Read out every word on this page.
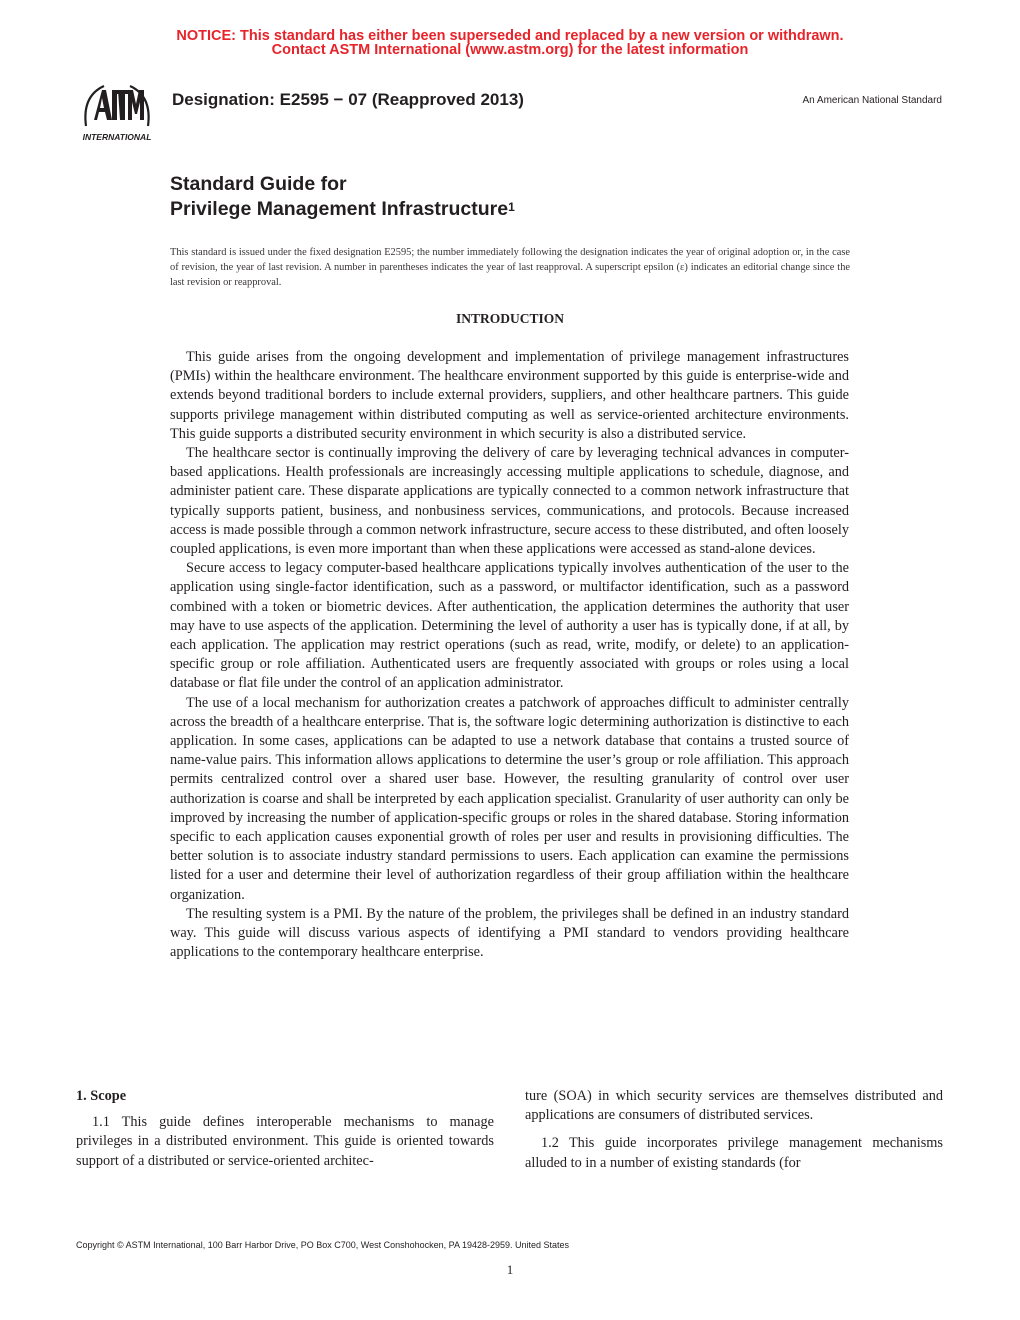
NOTICE: This standard has either been superseded and replaced by a new version or withdrawn.
Contact ASTM International (www.astm.org) for the latest information
INTERNATIONAL
Designation: E2595 − 07 (Reapproved 2013)	An American National Standard
Standard Guide for
Privilege Management Infrastructure$^1$
This standard is issued under the fixed designation E2595; the number immediately following the designation indicates the year of original adoption or, in the case of revision, the year of last revision. A number in parentheses indicates the year of last reapproval. A superscript epsilon (ε) indicates an editorial change since the last revision or reapproval.
INTRODUCTION

This guide arises from the ongoing development and implementation of privilege management infrastructures (PMIs) within the healthcare environment. The healthcare environment supported by this guide is enterprise-wide and extends beyond traditional borders to include external providers, suppliers, and other healthcare partners. This guide supports privilege management within distributed computing as well as service-oriented architecture environments. This guide supports a distributed security environment in which security is also a distributed service.

The healthcare sector is continually improving the delivery of care by leveraging technical advances in computer-based applications. Health professionals are increasingly accessing multiple applications to schedule, diagnose, and administer patient care. These disparate applications are typically connected to a common network infrastructure that typically supports patient, business, and nonbusiness services, communications, and protocols. Because increased access is made possible through a common network infrastructure, secure access to these distributed, and often loosely coupled applications, is even more important than when these applications were accessed as stand-alone devices.

Secure access to legacy computer-based healthcare applications typically involves authentication of the user to the application using single-factor identification, such as a password, or multifactor identification, such as a password combined with a token or biometric devices. After authentication, the application determines the authority that user may have to use aspects of the application. Determining the level of authority a user has is typically done, if at all, by each application. The application may restrict operations (such as read, write, modify, or delete) to an application-specific group or role affiliation. Authenticated users are frequently associated with groups or roles using a local database or flat file under the control of an application administrator.

The use of a local mechanism for authorization creates a patchwork of approaches difficult to administer centrally across the breadth of a healthcare enterprise. That is, the software logic determining authorization is distinctive to each application. In some cases, applications can be adapted to use a network database that contains a trusted source of name-value pairs. This information allows applications to determine the user’s group or role affiliation. This approach permits centralized control over a shared user base. However, the resulting granularity of control over user authorization is coarse and shall be interpreted by each application specialist. Granularity of user authority can only be improved by increasing the number of application-specific groups or roles in the shared database. Storing information specific to each application causes exponential growth of roles per user and results in provisioning difficulties. The better solution is to associate industry standard permissions to users. Each application can examine the permissions listed for a user and determine their level of authorization regardless of their group affiliation within the healthcare organization.

The resulting system is a PMI. By the nature of the problem, the privileges shall be defined in an industry standard way. This guide will discuss various aspects of identifying a PMI standard to vendors providing healthcare applications to the contemporary healthcare enterprise.

1. Scope

1.1 This guide defines interoperable mechanisms to manage privileges in a distributed environment. This guide is oriented towards support of a distributed or service-oriented architec-

ture (SOA) in which security services are themselves distributed and applications are consumers of distributed services.

1.2 This guide incorporates privilege management mechanisms alluded to in a number of existing standards (for

Copyright © ASTM International, 100 Barr Harbor Drive, PO Box C700, West Conshohocken, PA 19428-2959. United States
1
